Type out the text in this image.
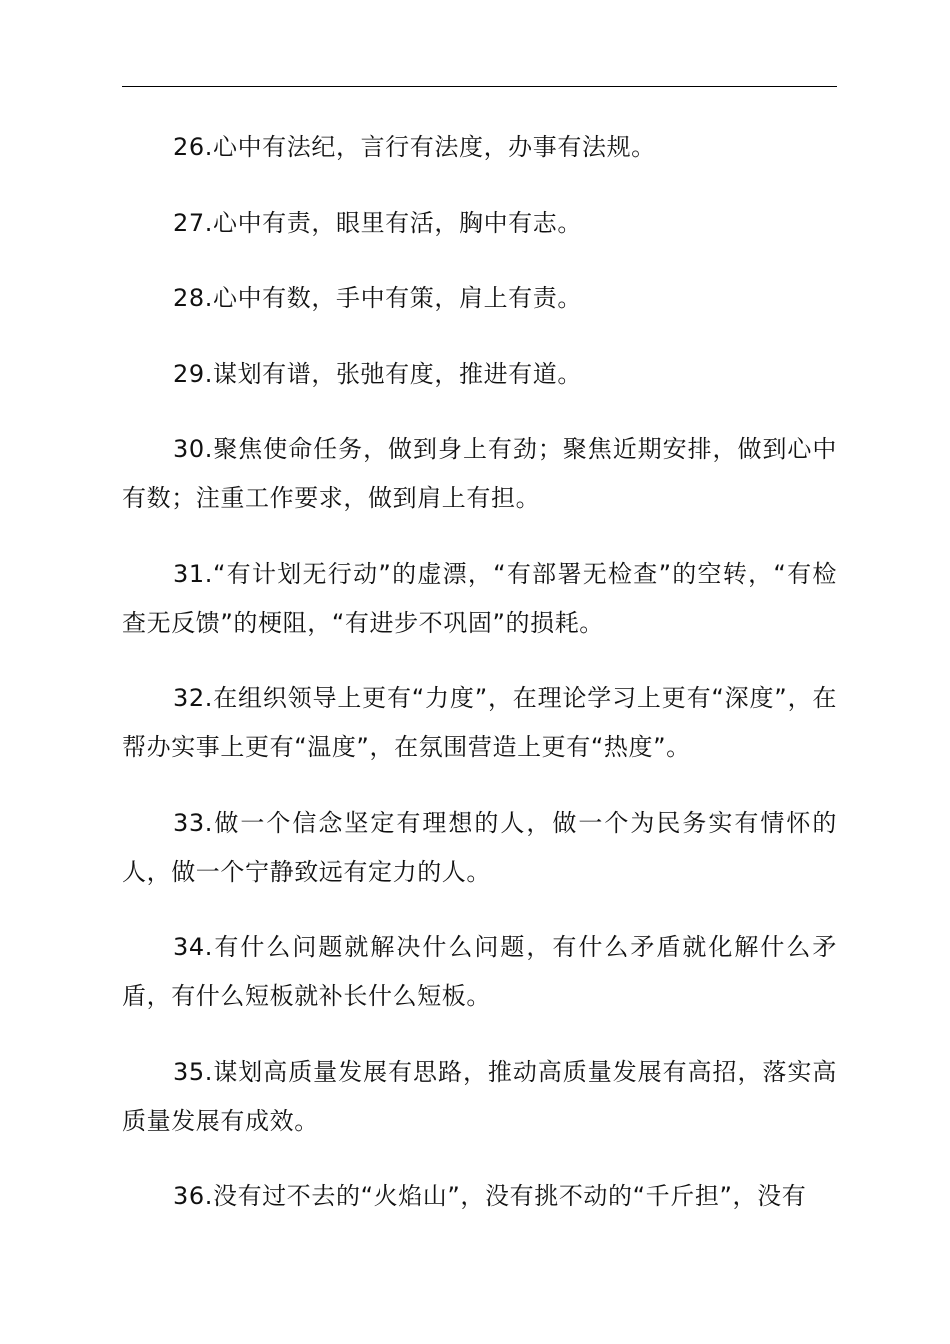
26.心中有法纪，言行有法度，办事有法规。

27.心中有责，眼里有活，胸中有志。

28.心中有数，手中有策，肩上有责。

29.谋划有谱，张弛有度，推进有道。

30.聚焦使命任务，做到身上有劲；聚焦近期安排，做到心中有数；注重工作要求，做到肩上有担。

31.“有计划无行动”的虚漂，“有部署无检查”的空转，“有检查无反馈”的梗阻，“有进步不巩固”的损耗。

32.在组织领导上更有“力度”，在理论学习上更有“深度”，在帮办实事上更有“温度”，在氛围营造上更有“热度”。

33.做一个信念坚定有理想的人，做一个为民务实有情怀的人，做一个宁静致远有定力的人。

34.有什么问题就解决什么问题，有什么矛盾就化解什么矛盾，有什么短板就补长什么短板。

35.谋划高质量发展有思路，推动高质量发展有高招，落实高质量发展有成效。

36.没有过不去的“火焰山”，没有挑不动的“千斤担”，没有
